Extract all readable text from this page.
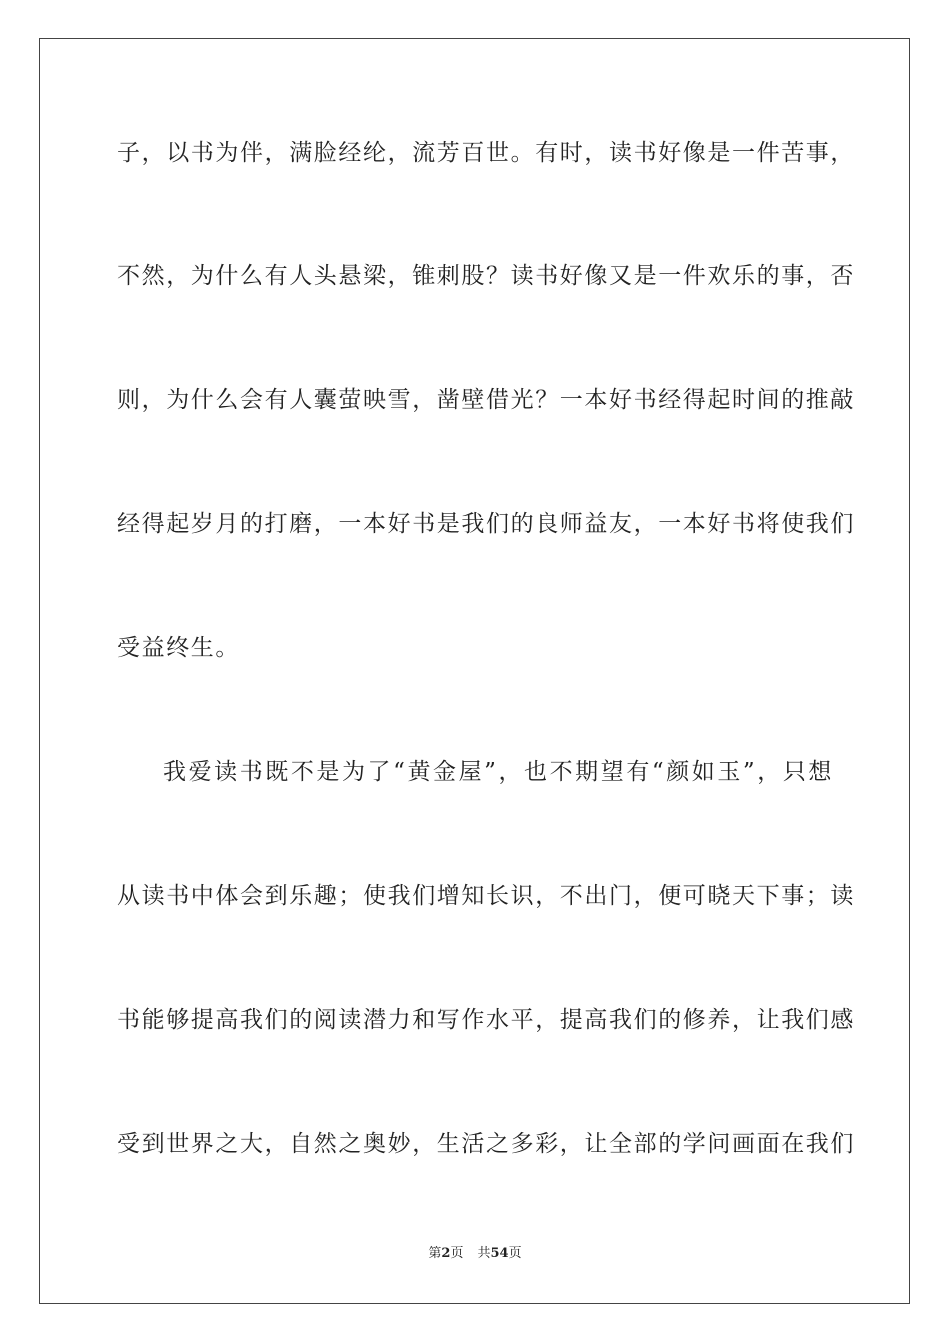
子，以书为伴，满脸经纶，流芳百世。有时，读书好像是一件苦事，
不然，为什么有人头悬梁，锥刺股？读书好像又是一件欢乐的事，否
则，为什么会有人囊萤映雪，凿壁借光？一本好书经得起时间的推敲
经得起岁月的打磨，一本好书是我们的良师益友，一本好书将使我们
受益终生。
我爱读书既不是为了“黄金屋”，也不期望有“颜如玉”，只想
从读书中体会到乐趣；使我们增知长识，不出门，便可晓天下事；读
书能够提高我们的阅读潜力和写作水平，提高我们的修养，让我们感
受到世界之大，自然之奥妙，生活之多彩，让全部的学问画面在我们
第2页 共54页
